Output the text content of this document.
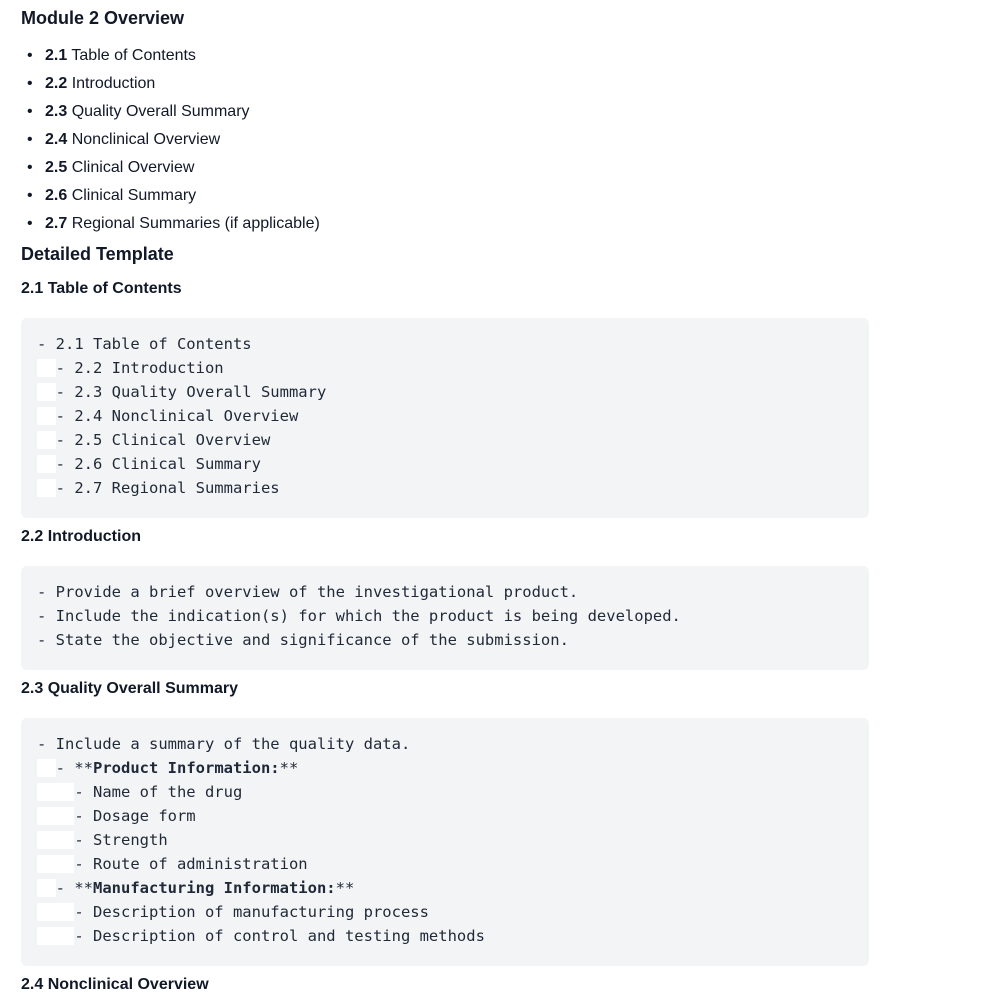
Module 2 Overview
• 2.1 Table of Contents
• 2.2 Introduction
• 2.3 Quality Overall Summary
• 2.4 Nonclinical Overview
• 2.5 Clinical Overview
• 2.6 Clinical Summary
• 2.7 Regional Summaries (if applicable)
Detailed Template
2.1 Table of Contents
- 2.1 Table of Contents
- 2.2 Introduction
- 2.3 Quality Overall Summary
- 2.4 Nonclinical Overview
- 2.5 Clinical Overview
- 2.6 Clinical Summary
- 2.7 Regional Summaries
2.2 Introduction
- Provide a brief overview of the investigational product.
- Include the indication(s) for which the product is being developed.
- State the objective and significance of the submission.
2.3 Quality Overall Summary
- Include a summary of the quality data.
- **Product Information:**
- Name of the drug
- Dosage form
- Strength
- Route of administration
- **Manufacturing Information:**
- Description of manufacturing process
- Description of control and testing methods
2.4 Nonclinical Overview
